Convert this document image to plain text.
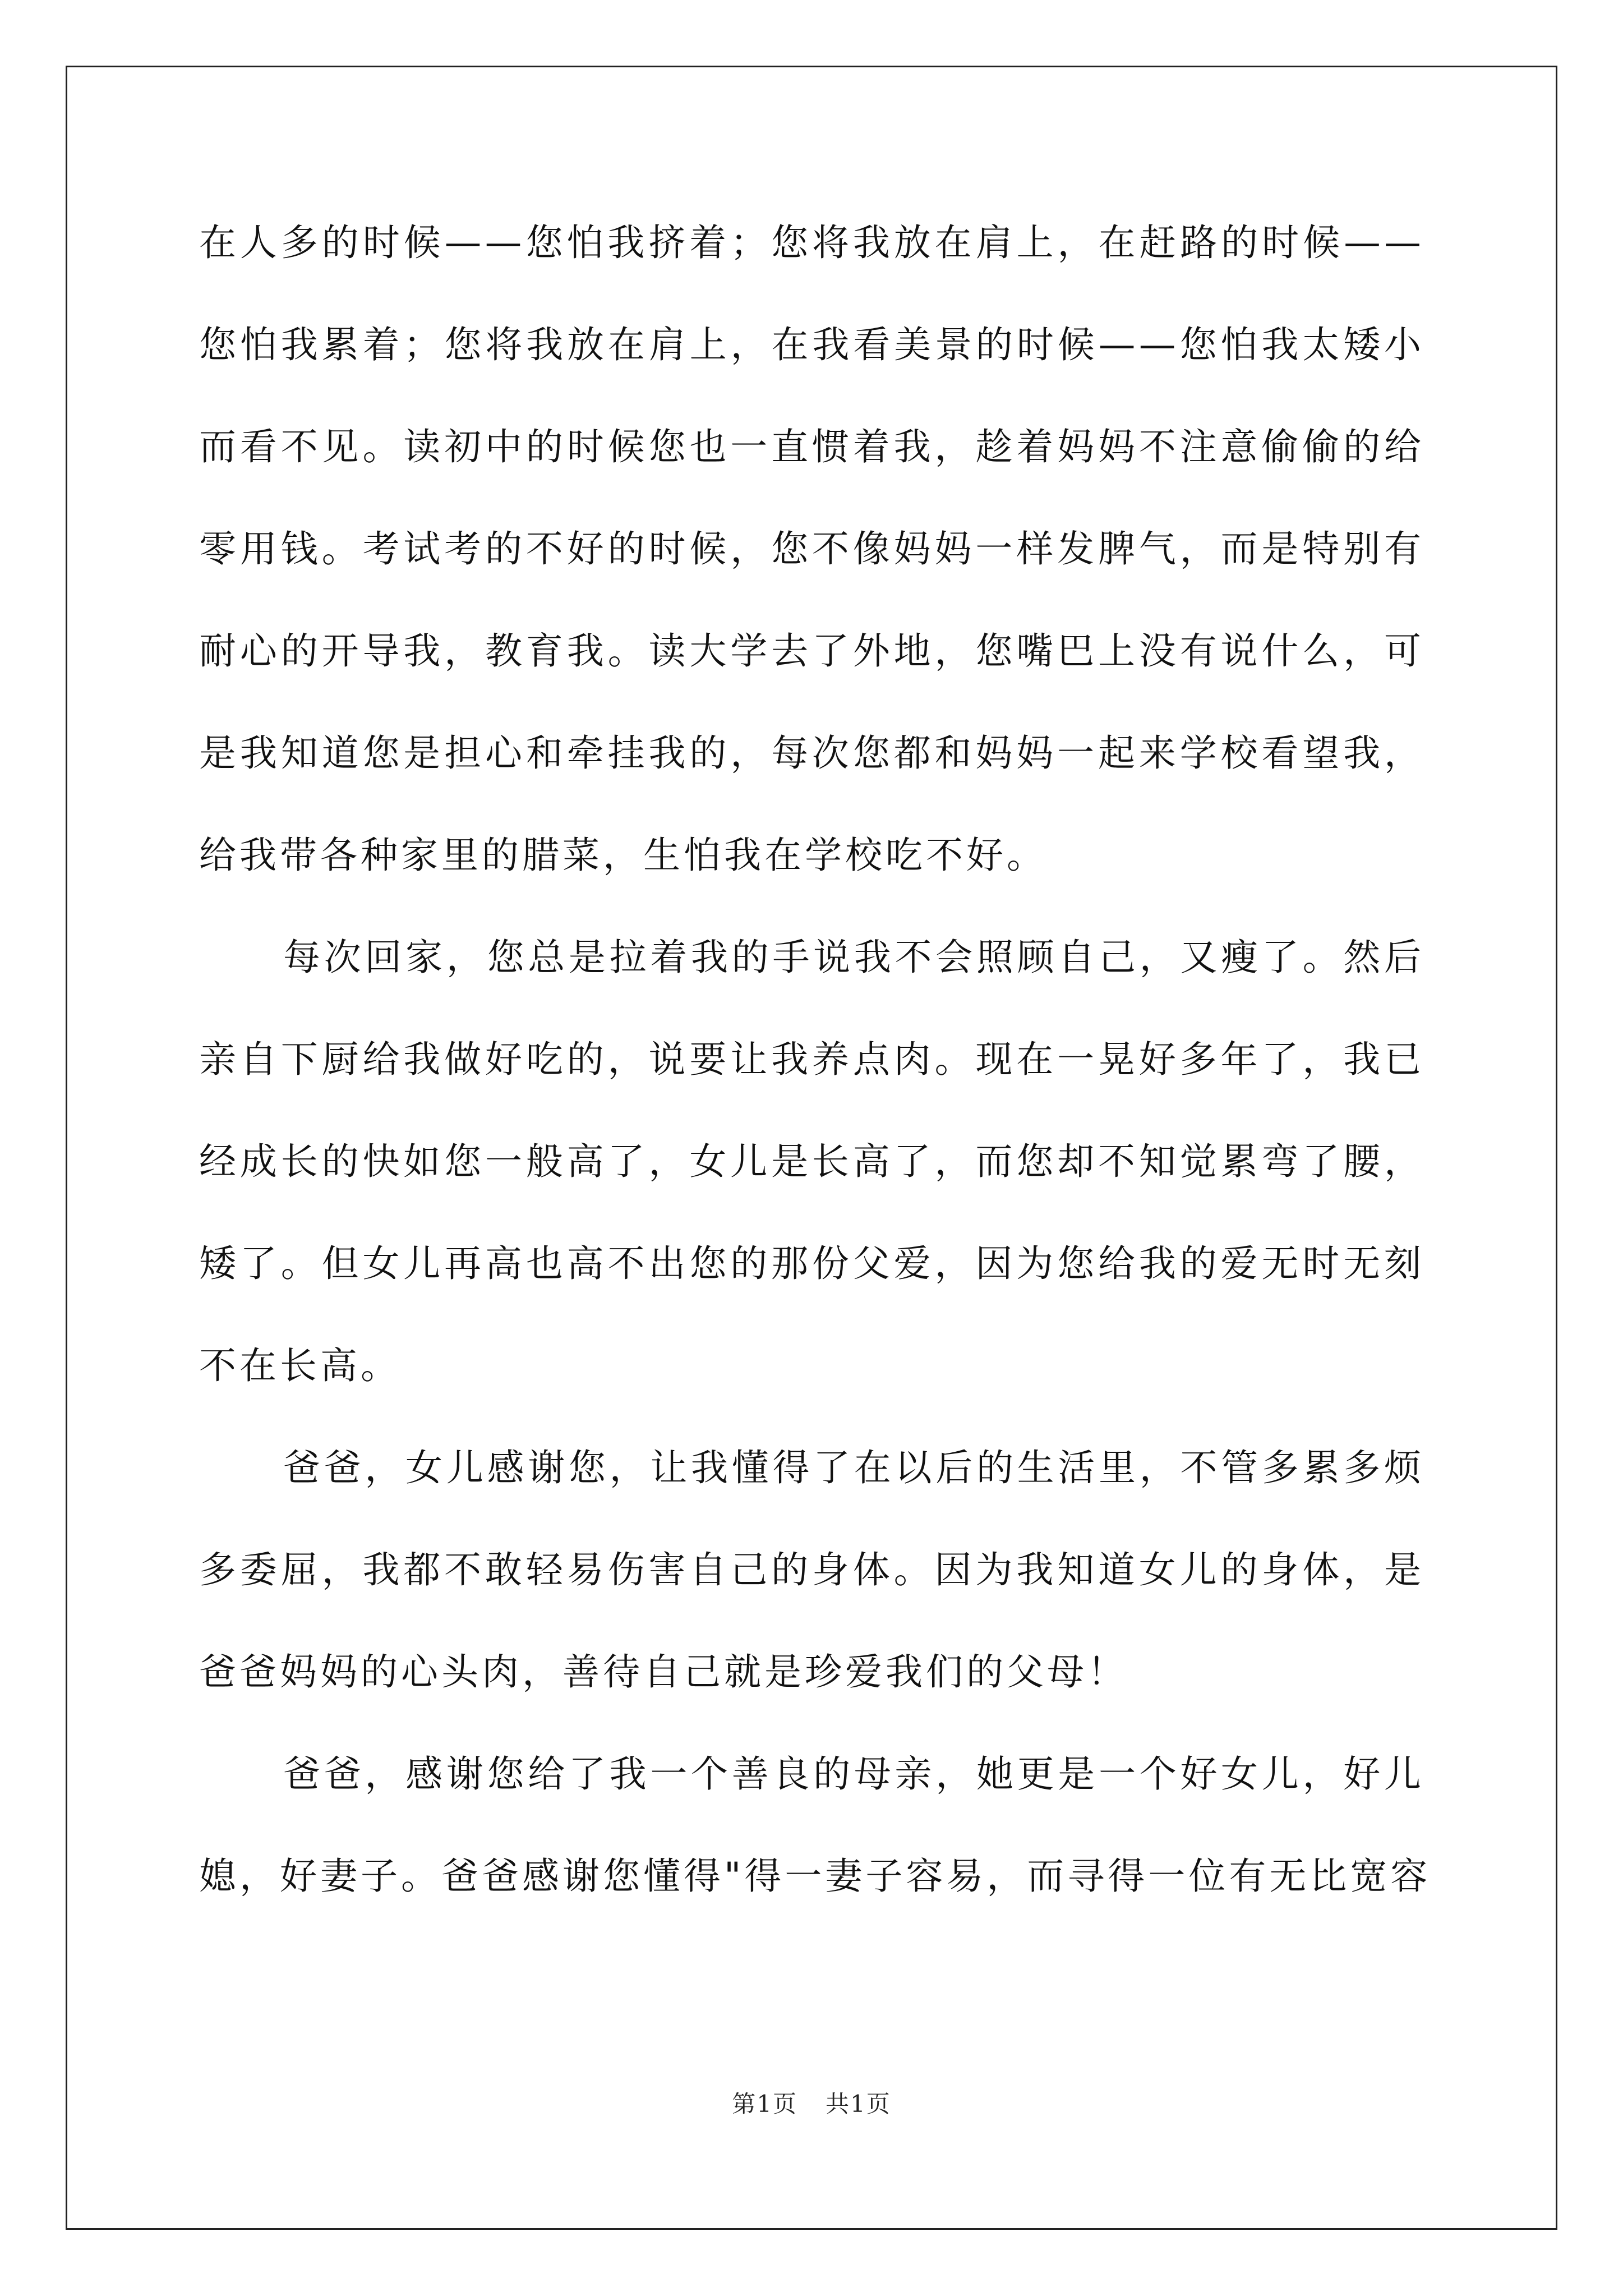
在人多的时候——您怕我挤着；您将我放在肩上，在赶路的时候——
您怕我累着；您将我放在肩上，在我看美景的时候——您怕我太矮小
而看不见。读初中的时候您也一直惯着我，趁着妈妈不注意偷偷的给
零用钱。考试考的不好的时候，您不像妈妈一样发脾气，而是特别有
耐心的开导我，教育我。读大学去了外地，您嘴巴上没有说什么，可
是我知道您是担心和牵挂我的，每次您都和妈妈一起来学校看望我，
给我带各种家里的腊菜，生怕我在学校吃不好。
每次回家，您总是拉着我的手说我不会照顾自己，又瘦了。然后
亲自下厨给我做好吃的，说要让我养点肉。现在一晃好多年了，我已
经成长的快如您一般高了，女儿是长高了，而您却不知觉累弯了腰，
矮了。但女儿再高也高不出您的那份父爱，因为您给我的爱无时无刻
不在长高。
爸爸，女儿感谢您，让我懂得了在以后的生活里，不管多累多烦
多委屈，我都不敢轻易伤害自己的身体。因为我知道女儿的身体，是
爸爸妈妈的心头肉，善待自己就是珍爱我们的父母！
爸爸，感谢您给了我一个善良的母亲，她更是一个好女儿，好儿
媳，好妻子。爸爸感谢您懂得"得一妻子容易，而寻得一位有无比宽容
第1页 共1页
